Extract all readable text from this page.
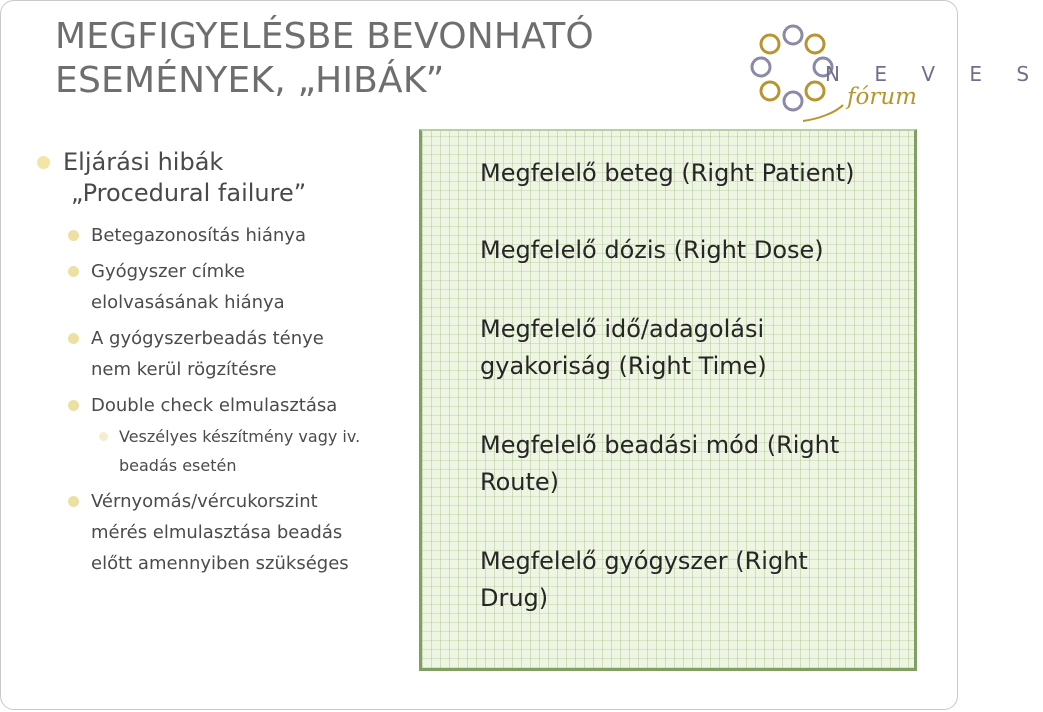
MEGFIGYELÉSBE BEVONHATÓ
ESEMÉNYEK, „HIBÁK”	N E V E S
fórum
Eljárási hibák
„Procedural failure”
Betegazonosítás hiánya
Gyógyszer címke
elolvasásának hiánya
A gyógyszerbeadás ténye
nem kerül rögzítésre
Double check elmulasztása
Veszélyes készítmény vagy iv.
beadás esetén
Vérnyomás/vércukorszint
mérés elmulasztása beadás
előtt amennyiben szükséges
Megfelelő beteg (Right Patient)
Megfelelő dózis (Right Dose)
Megfelelő idő/adagolási
gyakoriság (Right Time)
Megfelelő beadási mód (Right
Route)
Megfelelő gyógyszer (Right
Drug)
